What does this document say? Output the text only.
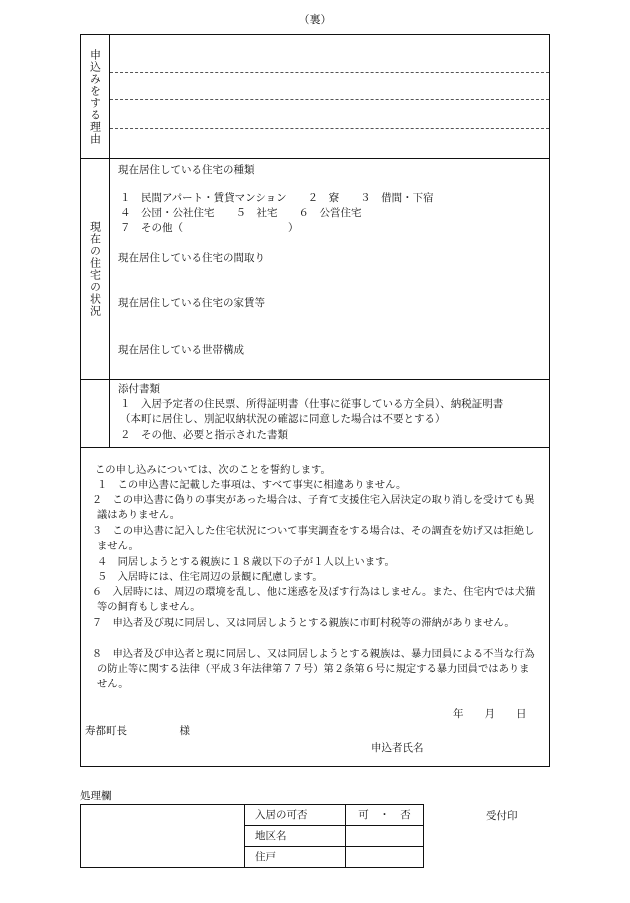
（裏）
申込みをする理由
現在の住宅の状況
現在居住している住宅の種類
１　民間アパート・賃貸マンション　　２　寮　　３　借間・下宿
４　公団・公社住宅　　５　社宅　　６　公営住宅
７　その他（　　　　　　　　　　）
現在居住している住宅の間取り
現在居住している住宅の家賃等
現在居住している世帯構成
添付書類
１　入居予定者の住民票、所得証明書（仕事に従事している方全員）、納税証明書
（本町に居住し、別記収納状況の確認に同意した場合は不要とする）
２　その他、必要と指示された書類
この申し込みについては、次のことを誓約します。
１　この申込書に記載した事項は、すべて事実に相違ありません。
２　この申込書に偽りの事実があった場合は、子育て支援住宅入居決定の取り消しを受けても異議はありません。
３　この申込書に記入した住宅状況について事実調査をする場合は、その調査を妨げ又は拒絶しません。
４　同居しようとする親族に１８歳以下の子が１人以上います。
５　入居時には、住宅周辺の景観に配慮します。
６　入居時には、周辺の環境を乱し、他に迷惑を及ぼす行為はしません。また、住宅内では犬猫等の飼育もしません。
７　申込者及び現に同居し、又は同居しようとする親族に市町村税等の滞納がありません。
８　申込者及び申込者と現に同居し、又は同居しようとする親族は、暴力団員による不当な行為の防止等に関する法律（平成３年法律第７７号）第２条第６号に規定する暴力団員ではありません。
年　　月　　日
寿都町長　　　　　様
申込者氏名
処理欄
	入居の可否	可　・　否
	地区名	
	住戸	
受付印
